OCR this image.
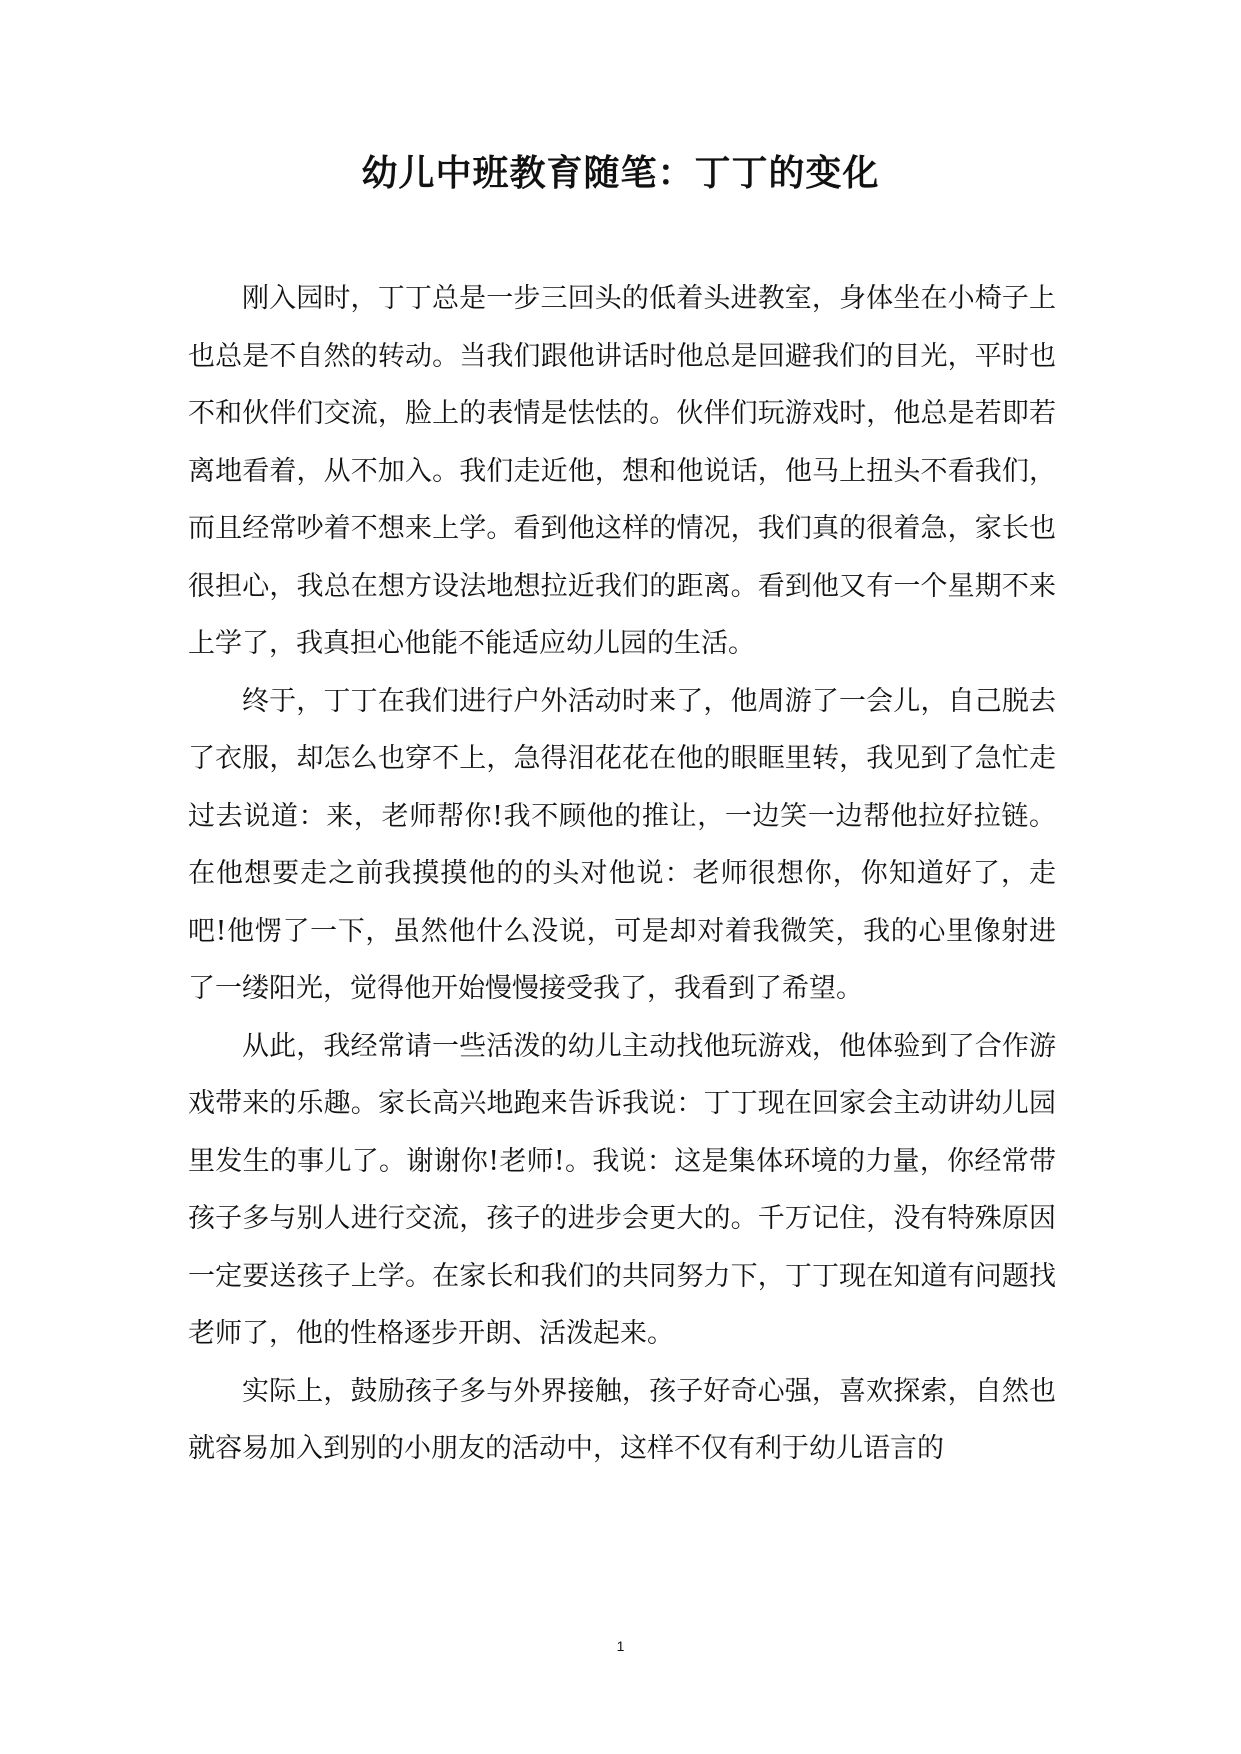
幼儿中班教育随笔：丁丁的变化

刚入园时，丁丁总是一步三回头的低着头进教室，身体坐在小椅子上也总是不自然的转动。当我们跟他讲话时他总是回避我们的目光，平时也不和伙伴们交流，脸上的表情是怯怯的。伙伴们玩游戏时，他总是若即若离地看着，从不加入。我们走近他，想和他说话，他马上扭头不看我们，而且经常吵着不想来上学。看到他这样的情况，我们真的很着急，家长也很担心，我总在想方设法地想拉近我们的距离。看到他又有一个星期不来上学了，我真担心他能不能适应幼儿园的生活。

终于，丁丁在我们进行户外活动时来了，他周游了一会儿，自己脱去了衣服，却怎么也穿不上，急得泪花花在他的眼眶里转，我见到了急忙走过去说道：来，老师帮你!我不顾他的推让，一边笑一边帮他拉好拉链。在他想要走之前我摸摸他的的头对他说：老师很想你，你知道好了，走吧!他愣了一下，虽然他什么没说，可是却对着我微笑，我的心里像射进了一缕阳光，觉得他开始慢慢接受我了，我看到了希望。

从此，我经常请一些活泼的幼儿主动找他玩游戏，他体验到了合作游戏带来的乐趣。家长高兴地跑来告诉我说：丁丁现在回家会主动讲幼儿园里发生的事儿了。谢谢你!老师!。我说：这是集体环境的力量，你经常带孩子多与别人进行交流，孩子的进步会更大的。千万记住，没有特殊原因一定要送孩子上学。在家长和我们的共同努力下，丁丁现在知道有问题找老师了，他的性格逐步开朗、活泼起来。

实际上，鼓励孩子多与外界接触，孩子好奇心强，喜欢探索，自然也就容易加入到别的小朋友的活动中，这样不仅有利于幼儿语言的

1
